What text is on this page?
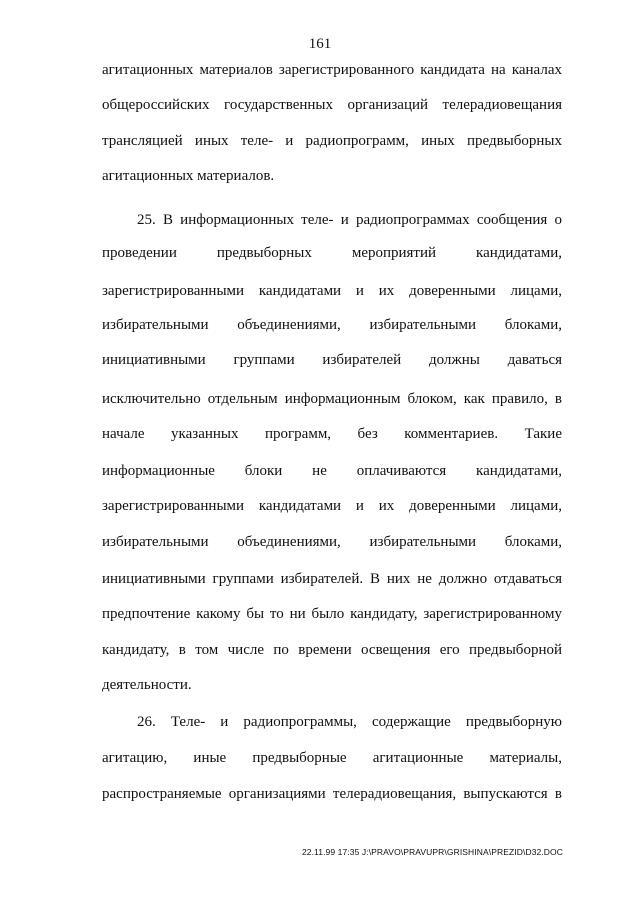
161
агитационных материалов зарегистрированного кандидата на каналах
общероссийских государственных организаций телерадиовещания
трансляцией иных теле- и радиопрограмм, иных предвыборных
агитационных материалов.
25. В информационных теле- и радиопрограммах сообщения о
проведении предвыборных мероприятий кандидатами,
зарегистрированными кандидатами и их доверенными лицами,
избирательными объединениями, избирательными блоками,
инициативными группами избирателей должны даваться
исключительно отдельным информационным блоком, как правило, в
начале указанных программ, без комментариев. Такие
информационные блоки не оплачиваются кандидатами,
зарегистрированными кандидатами и их доверенными лицами,
избирательными объединениями, избирательными блоками,
инициативными группами избирателей. В них не должно отдаваться
предпочтение какому бы то ни было кандидату, зарегистрированному
кандидату, в том числе по времени освещения его предвыборной
деятельности.
26. Теле- и радиопрограммы, содержащие предвыборную
агитацию, иные предвыборные агитационные материалы,
распространяемые организациями телерадиовещания, выпускаются в
22.11.99 17:35 J:\PRAVO\PRAVUPR\GRISHINA\PREZID\D32.DOC
